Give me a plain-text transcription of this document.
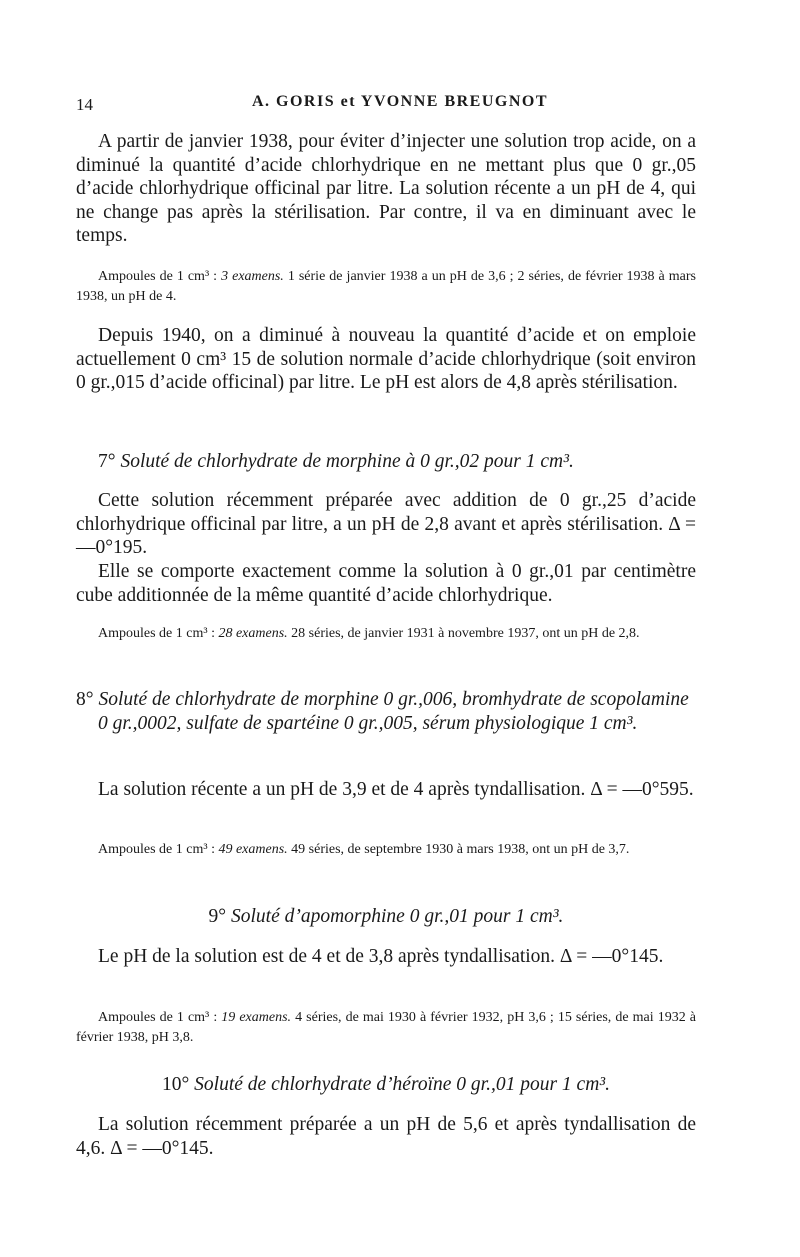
14	A. GORIS et YVONNE BREUGNOT

A partir de janvier 1938, pour éviter d’injecter une solution trop acide, on a diminué la quantité d’acide chlorhydrique en ne mettant plus que 0 gr.,05 d’acide chlorhydrique officinal par litre. La solution récente a un pH de 4, qui ne change pas après la stérilisation. Par contre, il va en diminuant avec le temps.

Ampoules de 1 cm³ : 3 examens. 1 série de janvier 1938 a un pH de 3,6 ; 2 séries, de février 1938 à mars 1938, un pH de 4.

Depuis 1940, on a diminué à nouveau la quantité d’acide et on emploie actuellement 0 cm³ 15 de solution normale d’acide chlorhydrique (soit environ 0 gr.,015 d’acide officinal) par litre. Le pH est alors de 4,8 après stérilisation.

7° Soluté de chlorhydrate de morphine à 0 gr.,02 pour 1 cm³.

Cette solution récemment préparée avec addition de 0 gr.,25 d’acide chlorhydrique officinal par litre, a un pH de 2,8 avant et après stérilisation. Δ = —0°195.

Elle se comporte exactement comme la solution à 0 gr.,01 par centimètre cube additionnée de la même quantité d’acide chlorhydrique.

Ampoules de 1 cm³ : 28 examens. 28 séries, de janvier 1931 à novembre 1937, ont un pH de 2,8.

8° Soluté de chlorhydrate de morphine 0 gr.,006, bromhydrate de scopolamine 0 gr.,0002, sulfate de spartéine 0 gr.,005, sérum physiologique 1 cm³.

La solution récente a un pH de 3,9 et de 4 après tyndallisation. Δ = —0°595.

Ampoules de 1 cm³ : 49 examens. 49 séries, de septembre 1930 à mars 1938, ont un pH de 3,7.

9° Soluté d’apomorphine 0 gr.,01 pour 1 cm³.

Le pH de la solution est de 4 et de 3,8 après tyndallisation. Δ = —0°145.

Ampoules de 1 cm³ : 19 examens. 4 séries, de mai 1930 à février 1932, pH 3,6 ; 15 séries, de mai 1932 à février 1938, pH 3,8.

10° Soluté de chlorhydrate d’héroïne 0 gr.,01 pour 1 cm³.

La solution récemment préparée a un pH de 5,6 et après tyndallisation de 4,6. Δ = —0°145.
